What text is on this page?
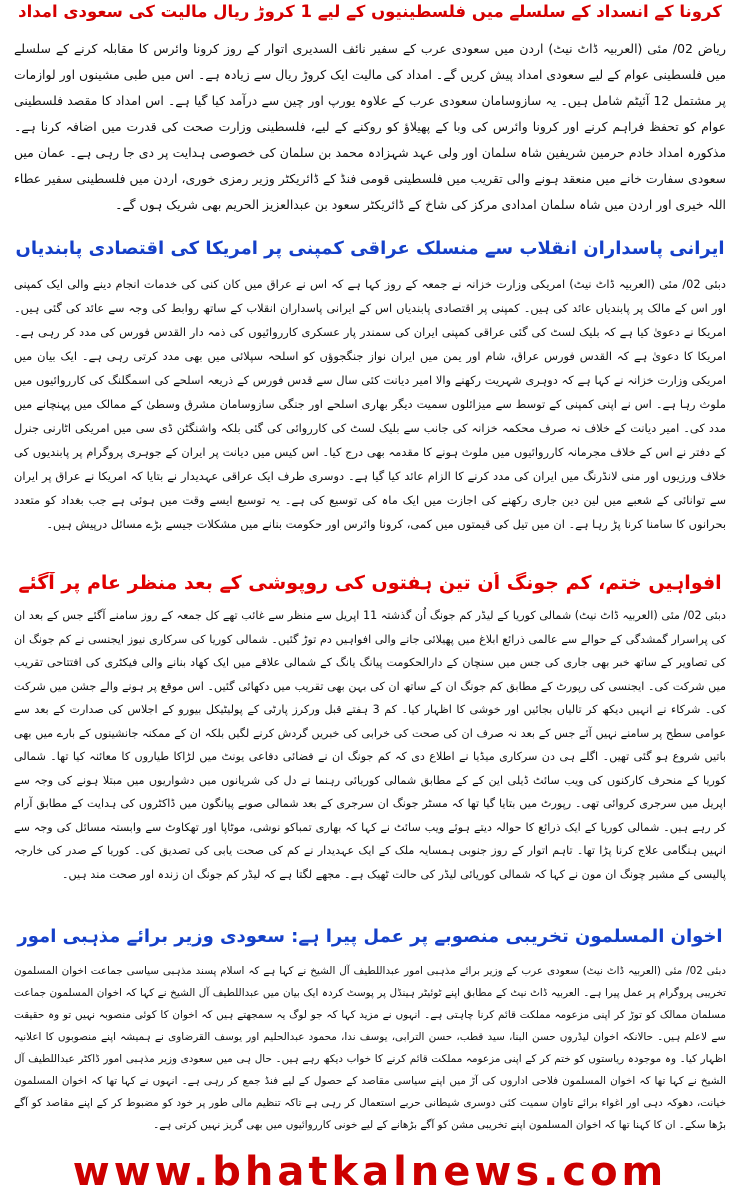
کرونا کے انسداد کے سلسلے میں فلسطینیوں کے لیے 1 کروڑ ریال مالیت کی سعودی امداد

ریاض 02/ مئی (العربیہ ڈاٹ نیٹ) اردن میں سعودی عرب کے سفیر نائف السدیری اتوار کے روز کرونا وائرس کا مقابلہ کرنے کے سلسلے میں فلسطینی عوام کے لیے سعودی امداد پیش کریں گے۔ امداد کی مالیت ایک کروڑ ریال سے زیادہ ہے۔ اس میں طبی مشینوں اور لوازمات پر مشتمل 12 آئیٹم شامل ہیں۔ یہ سازوسامان سعودی عرب کے علاوہ یورپ اور چین سے درآمد کیا گیا ہے۔ اس امداد کا مقصد فلسطینی عوام کو تحفظ فراہم کرنے اور کرونا وائرس کی وبا کے پھیلاؤ کو روکنے کے لیے، فلسطینی وزارت صحت کی قدرت میں اضافہ کرنا ہے۔ مذکورہ امداد خادم حرمین شریفین شاہ سلمان اور ولی عہد شہزادہ محمد بن سلمان کی خصوصی ہدایت پر دی جا رہی ہے۔ عمان میں سعودی سفارت خانے میں منعقد ہونے والی تقریب میں فلسطینی قومی فنڈ کے ڈائریکٹر وزیر رمزی خوری، اردن میں فلسطینی سفیر عطاء اللہ خیری اور اردن میں شاہ سلمان امدادی مرکز کی شاخ کے ڈائریکٹر سعود بن عبدالعزیز الحریم بھی شریک ہوں گے۔

ایرانی پاسداران انقلاب سے منسلک عراقی کمپنی پر امریکا کی اقتصادی پابندیاں

دبئی 02/ مئی (العربیہ ڈاٹ نیٹ) امریکی وزارت خزانہ نے جمعہ کے روز کہا ہے کہ اس نے عراق میں کان کنی کی خدمات انجام دینے والی ایک کمپنی اور اس کے مالک پر پابندیاں عائد کی ہیں۔ کمپنی پر اقتصادی پابندیاں اس کے ایرانی پاسداران انقلاب کے ساتھ روابط کی وجہ سے عائد کی گئی ہیں۔ امریکا نے دعویٰ کیا ہے کہ بلیک لسٹ کی گئی عراقی کمپنی ایران کی سمندر پار عسکری کارروائیوں کی ذمہ دار القدس فورس کی مدد کر رہی ہے۔ امریکا کا دعویٰ ہے کہ القدس فورس عراق، شام اور یمن میں ایران نواز جنگجوؤں کو اسلحہ سپلائی میں بھی مدد کرتی رہی ہے۔ ایک بیان میں امریکی وزارت خزانہ نے کہا ہے کہ دوہری شہریت رکھنے والا امیر دیانت کئی سال سے قدس فورس کے ذریعہ اسلحے کی اسمگلنگ کی کارروائیوں میں ملوث رہا ہے۔ اس نے اپنی کمپنی کے توسط سے میزائلوں سمیت دیگر بھاری اسلحے اور جنگی سازوسامان مشرق وسطیٰ کے ممالک میں پہنچانے میں مدد کی۔ امیر دیانت کے خلاف نہ صرف محکمہ خزانہ کی جانب سے بلیک لسٹ کی کارروائی کی گئی بلکہ واشنگٹن ڈی سی میں امریکی اٹارنی جنرل کے دفتر نے اس کے خلاف مجرمانہ کارروائیوں میں ملوث ہونے کا مقدمہ بھی درج کیا۔ اس کیس میں دیانت پر ایران کے جوہری پروگرام پر پابندیوں کی خلاف ورزیوں اور منی لانڈرنگ میں ایران کی مدد کرنے کا الزام عائد کیا گیا ہے۔ دوسری طرف ایک عراقی عہدیدار نے بتایا کہ امریکا نے عراق پر ایران سے توانائی کے شعبے میں لین دین جاری رکھنے کی اجازت میں ایک ماہ کی توسیع کی ہے۔ یہ توسیع ایسے وقت میں ہوئی ہے جب بغداد کو متعدد بحرانوں کا سامنا کرنا پڑ رہا ہے۔ ان میں تیل کی قیمتوں میں کمی، کرونا وائرس اور حکومت بنانے میں مشکلات جیسے بڑے مسائل درپیش ہیں۔

افواہیں ختم، کم جونگ اُن تین ہفتوں کی روپوشی کے بعد منظر عام پر آگئے

دبئی 02/ مئی (العربیہ ڈاٹ نیٹ) شمالی کوریا کے لیڈر کم جونگ اُن گذشتہ 11 اپریل سے منظر سے غائب تھے کل جمعہ کے روز سامنے آگئے جس کے بعد ان کی پراسرار گمشدگی کے حوالے سے عالمی ذرائع ابلاغ میں پھیلائی جانے والی افواہیں دم توڑ گئیں۔ شمالی کوریا کی سرکاری نیوز ایجنسی نے کم جونگ ان کی تصاویر کے ساتھ خبر بھی جاری کی جس میں سنچان کے دارالحکومت پیانگ یانگ کے شمالی علاقے میں ایک کھاد بنانے والی فیکٹری کی افتتاحی تقریب میں شرکت کی۔ ایجنسی کی رپورٹ کے مطابق کم جونگ ان کے ساتھ ان کی بہن بھی تقریب میں دکھائی گئیں۔ اس موقع پر ہونے والے جشن میں شرکت کی۔ شرکاء نے انہیں دیکھ کر تالیاں بجائیں اور خوشی کا اظہار کیا۔ کم 3 ہفتے قبل ورکرز پارٹی کے پولیٹیکل بیورو کے اجلاس کی صدارت کے بعد سے عوامی سطح پر سامنے نہیں آئے جس کے بعد نہ صرف ان کی صحت کی خرابی کی خبریں گردش کرنے لگیں بلکہ ان کے ممکنہ جانشینوں کے بارے میں بھی باتیں شروع ہو گئی تھیں۔ اگلے ہی دن سرکاری میڈیا نے اطلاع دی کہ کم جونگ ان نے فضائی دفاعی یونٹ میں لڑاکا طیاروں کا معائنہ کیا تھا۔ شمالی کوریا کے منحرف کارکنوں کی ویب سائٹ ڈیلی این کے کے مطابق شمالی کوریائی رہنما نے دل کی شریانوں میں دشواریوں میں مبتلا ہونے کی وجہ سے اپریل میں سرجری کروائی تھی۔ رپورٹ میں بتایا گیا تھا کہ مسٹر جونگ ان سرجری کے بعد شمالی صوبے پیانگون میں ڈاکٹروں کی ہدایت کے مطابق آرام کر رہے ہیں۔ شمالی کوریا کے ایک ذرائع کا حوالہ دیتے ہوئے ویب سائٹ نے کہا کہ بھاری تمباکو نوشی، موٹاپا اور تھکاوٹ سے وابستہ مسائل کی وجہ سے انہیں ہنگامی علاج کرنا پڑا تھا۔ تاہم اتوار کے روز جنوبی ہمسایہ ملک کے ایک عہدیدار نے کم کی صحت یابی کی تصدیق کی۔ کوریا کے صدر کی خارجہ پالیسی کے مشیر چونگ ان مون نے کہا کہ شمالی کوریائی لیڈر کی حالت ٹھیک ہے۔ مجھے لگتا ہے کہ لیڈر کم جونگ ان زندہ اور صحت مند ہیں۔

اخوان المسلمون تخریبی منصوبے پر عمل پیرا ہے: سعودی وزیر برائے مذہبی امور

دبئی 02/ مئی (العربیہ ڈاٹ نیٹ) سعودی عرب کے وزیر برائے مذہبی امور عبداللطیف آل الشیخ نے کہا ہے کہ اسلام پسند مذہبی سیاسی جماعت اخوان المسلمون تخریبی پروگرام پر عمل پیرا ہے۔ العربیہ ڈاٹ نیٹ کے مطابق اپنے ٹوئیٹر ہینڈل پر پوسٹ کردہ ایک بیان میں عبداللطیف آل الشیخ نے کہا کہ اخوان المسلمون جماعت مسلمان ممالک کو توڑ کر اپنی مزعومہ مملکت قائم کرنا چاہتی ہے۔ انہوں نے مزید کہا کہ جو لوگ یہ سمجھتے ہیں کہ اخوان کا کوئی منصوبہ نہیں تو وہ حقیقت سے لاعلم ہیں۔ حالانکہ اخوان لیڈروں حسن البنا، سید قطب، حسن الترابی، یوسف ندا، محمود عبدالحلیم اور یوسف القرضاوی نے ہمیشہ اپنے منصوبوں کا اعلانیہ اظہار کیا۔ وہ موجودہ ریاستوں کو ختم کر کے اپنی مزعومہ مملکت قائم کرنے کا خواب دیکھ رہے ہیں۔ حال ہی میں سعودی وزیر مذہبی امور ڈاکٹر عبداللطیف آل الشیخ نے کہا تھا کہ اخوان المسلمون فلاحی اداروں کی آڑ میں اپنے سیاسی مقاصد کے حصول کے لیے فنڈ جمع کر رہی ہے۔ انہوں نے کہا تھا کہ اخوان المسلمون خیانت، دھوکہ دہی اور اغواء برائے تاوان سمیت کئی دوسری شیطانی حربے استعمال کر رہی ہے تاکہ تنظیم مالی طور پر خود کو مضبوط کر کے اپنے مقاصد کو آگے بڑھا سکے۔ ان کا کہنا تھا کہ اخوان المسلمون اپنے تخریبی مشن کو آگے بڑھانے کے لیے خونی کارروائیوں میں بھی گریز نہیں کرتی ہے۔

www.bhatkalnews.com
